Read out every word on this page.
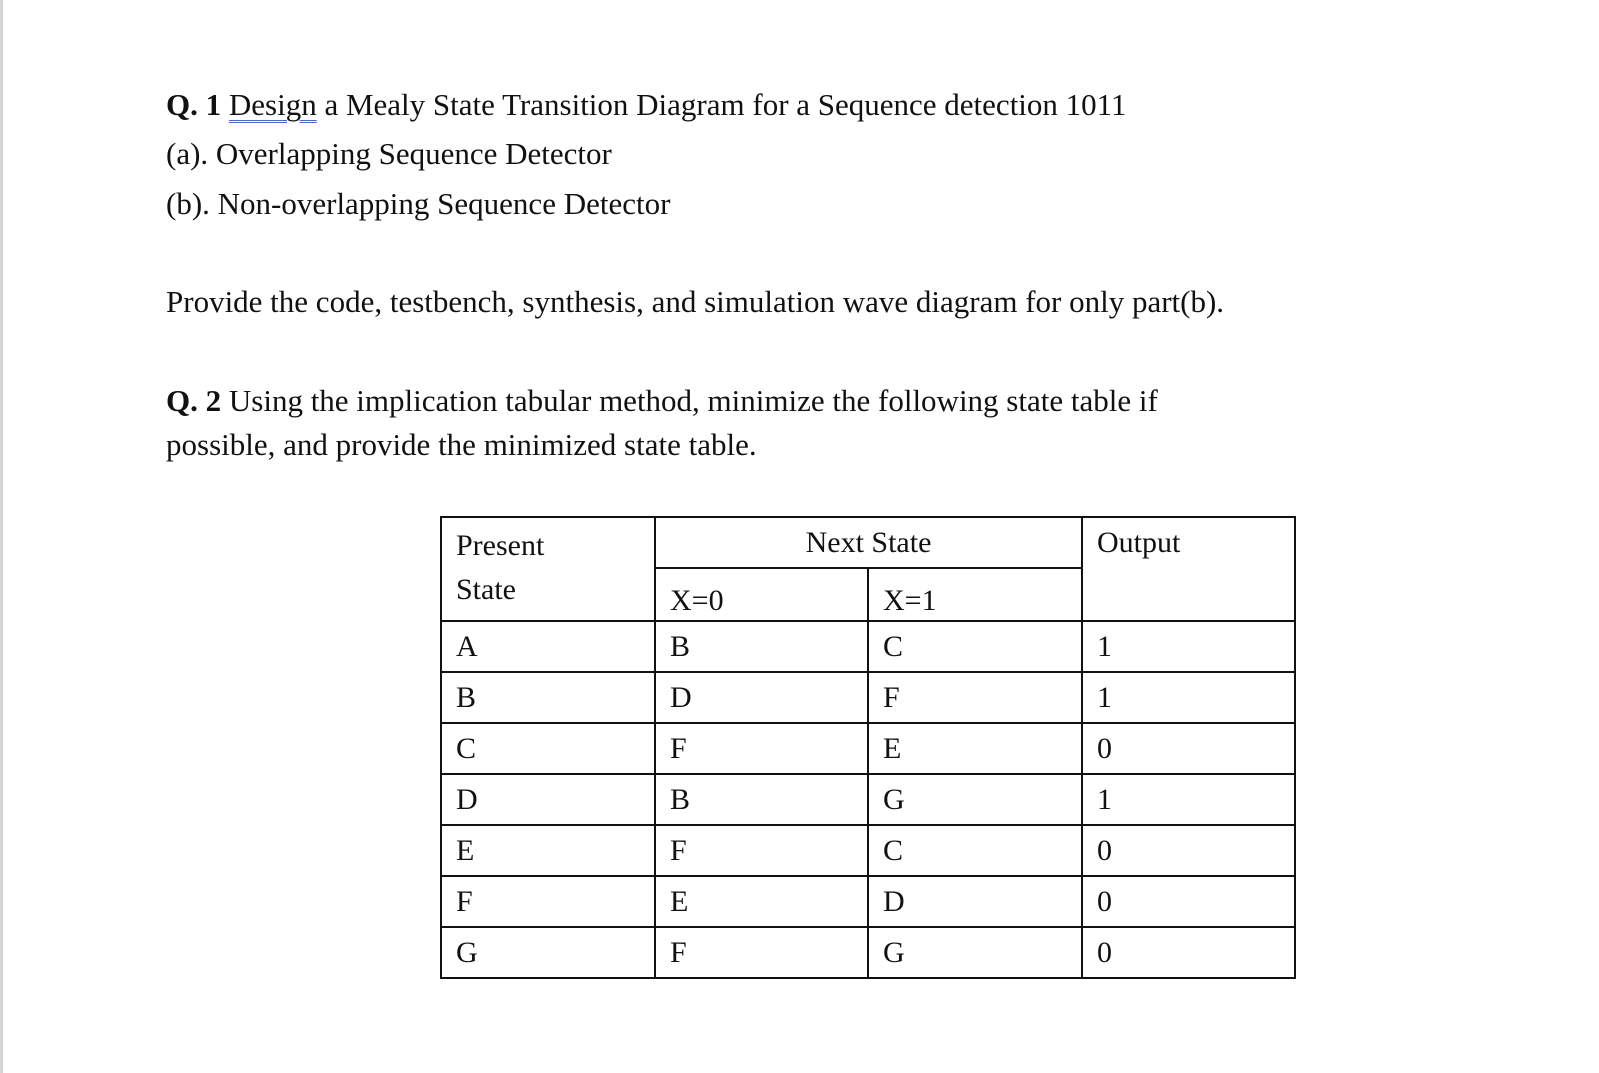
Q. 1 Design a Mealy State Transition Diagram for a Sequence detection 1011
(a). Overlapping Sequence Detector
(b). Non-overlapping Sequence Detector
Provide the code, testbench, synthesis, and simulation wave diagram for only part(b).
Q. 2 Using the implication tabular method, minimize the following state table if
possible, and provide the minimized state table.
Present
State	Next State		Output
	X=0	X=1	
A	B	C	1
B	D	F	1
C	F	E	0
D	B	G	1
E	F	C	0
F	E	D	0
G	F	G	0
